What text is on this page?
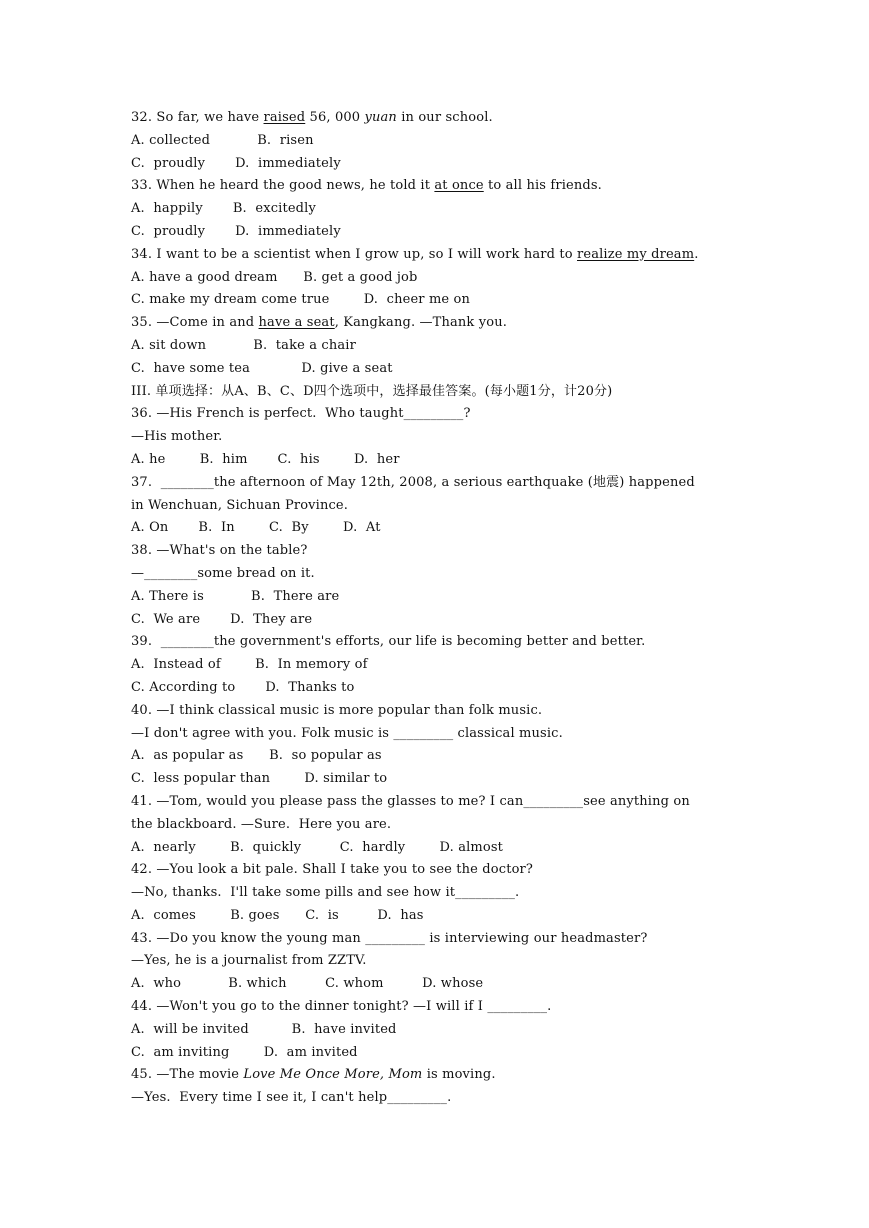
32. So far, we have raised 56, 000 yuan in our school.
A. collected           B.  risen
C.  proudly       D.  immediately
33. When he heard the good news, he told it at once to all his friends.
A.  happily       B.  excitedly
C.  proudly       D.  immediately
34. I want to be a scientist when I grow up, so I will work hard to realize my dream.
A. have a good dream      B. get a good job
C. make my dream come true        D.  cheer me on
35. —Come in and have a seat, Kangkang. —Thank you.
A. sit down           B.  take a chair
C.  have some tea            D. give a seat
III. 单项选择：从A、B、C、D四个选项中，选择最佳答案。(每小题1分，计20分)
36. —His French is perfect.  Who taught_________?
—His mother.
A. he        B.  him       C.  his        D.  her
37.  ________the afternoon of May 12th, 2008, a serious earthquake (地震) happened
in Wenchuan, Sichuan Province.
A. On       B.  In        C.  By        D.  At
38. —What's on the table?
—________some bread on it.
A. There is           B.  There are
C.  We are       D.  They are
39.  ________the government's efforts, our life is becoming better and better.
A.  Instead of        B.  In memory of
C. According to       D.  Thanks to
40. —I think classical music is more popular than folk music.
—I don't agree with you. Folk music is _________ classical music.
A.  as popular as      B.  so popular as
C.  less popular than        D. similar to
41. —Tom, would you please pass the glasses to me? I can_________see anything on
the blackboard. —Sure.  Here you are.
A.  nearly        B.  quickly         C.  hardly        D. almost
42. —You look a bit pale. Shall I take you to see the doctor?
—No, thanks.  I'll take some pills and see how it_________.
A.  comes        B. goes      C.  is         D.  has
43. —Do you know the young man _________ is interviewing our headmaster?
—Yes, he is a journalist from ZZTV.
A.  who           B. which         C. whom         D. whose
44. —Won't you go to the dinner tonight? —I will if I _________.
A.  will be invited          B.  have invited
C.  am inviting        D.  am invited
45. —The movie Love Me Once More, Mom is moving.
—Yes.  Every time I see it, I can't help_________.
